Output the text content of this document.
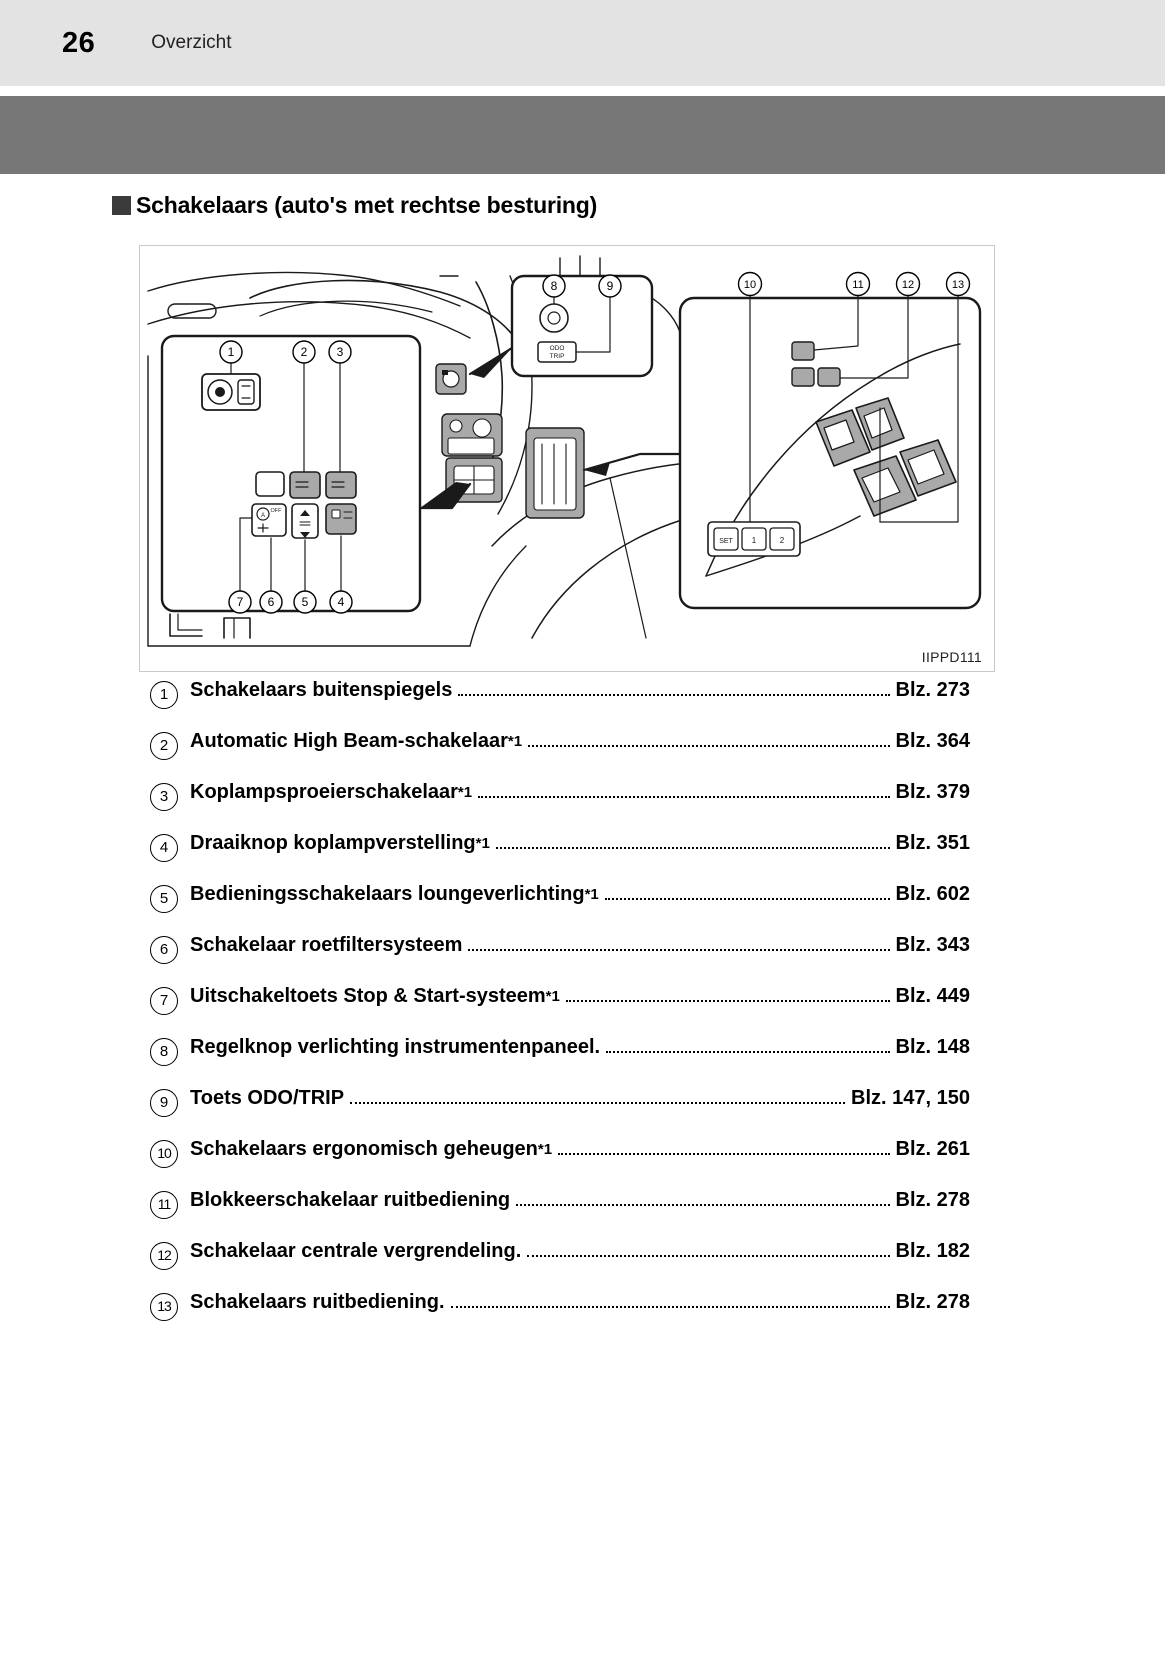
26	Overzicht
Schakelaars (auto's met rechtse besturing)
A
OFF
ODO
TRIP
SET 1	2
1	2 3
4
5
6
7
8	9	10	11	12	13
IIPPD111
1	Schakelaars buitenspiegels	Blz. 273
2	Automatic High Beam-schakelaar$^{*1}$	Blz. 364
3	Koplampsproeierschakelaar$^{*1}$	Blz. 379
4	Draaiknop koplampverstelling$^{*1}$	Blz. 351
5	Bedieningsschakelaars loungeverlichting$^{*1}$	Blz. 602
6	Schakelaar roetfiltersysteem	Blz. 343
7	Uitschakeltoets Stop & Start-systeem$^{*1}$	Blz. 449
8	Regelknop verlichting instrumentenpaneel.	Blz. 148
9	Toets ODO/TRIP	Blz. 147, 150
10 Schakelaars ergonomisch geheugen$^{*1}$	Blz. 261
11 Blokkeerschakelaar ruitbediening	Blz. 278
12 Schakelaar centrale vergrendeling.	Blz. 182
13 Schakelaars ruitbediening.	Blz. 278
